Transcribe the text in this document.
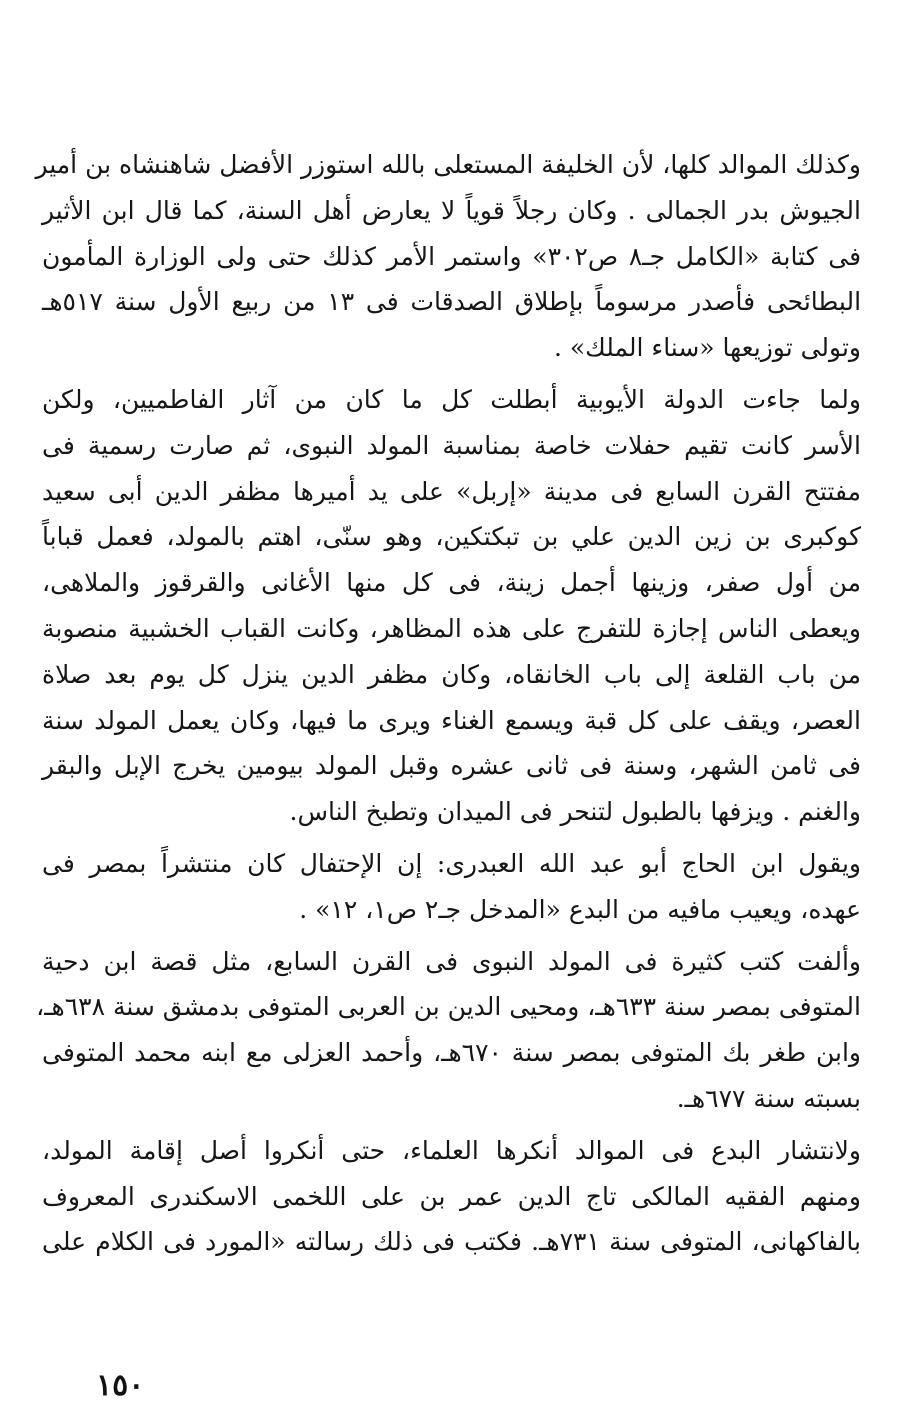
وكذلك الموالد كلها، لأن الخليفة المستعلى بالله استوزر الأفضل شاهنشاه بن أمير
الجيوش بدر الجمالى . وكان رجلاً قوياً لا يعارض أهل السنة، كما قال ابن الأثير
فى كتابة «الكامل جـ٨ ص٣٠٢» واستمر الأمر كذلك حتى ولى الوزارة المأمون
البطائحى فأصدر مرسوماً بإطلاق الصدقات فى ١٣ من ربيع الأول سنة ٥١٧هـ
وتولى توزيعها «سناء الملك» .
ولما جاءت الدولة الأيوبية أبطلت كل ما كان من آثار الفاطميين، ولكن
الأسر كانت تقيم حفلات خاصة بمناسبة المولد النبوى، ثم صارت رسمية فى
مفتتح القرن السابع فى مدينة «إربل» على يد أميرها مظفر الدين أبى سعيد
كوكبرى بن زين الدين علي بن تبكتكين، وهو سنّى، اهتم بالمولد، فعمل قباباً
من أول صفر، وزينها أجمل زينة، فى كل منها الأغانى والقرقوز والملاهى،
ويعطى الناس إجازة للتفرج على هذه المظاهر، وكانت القباب الخشبية منصوبة
من باب القلعة إلى باب الخانقاه، وكان مظفر الدين ينزل كل يوم بعد صلاة
العصر، ويقف على كل قبة ويسمع الغناء ويرى ما فيها، وكان يعمل المولد سنة
فى ثامن الشهر، وسنة فى ثانى عشره وقبل المولد بيومين يخرج الإبل والبقر
والغنم . ويزفها بالطبول لتنحر فى الميدان وتطبخ الناس.
ويقول ابن الحاج أبو عبد الله العبدرى: إن الإحتفال كان منتشراً بمصر فى
عهده، ويعيب مافيه من البدع «المدخل جـ٢ ص١، ١٢» .
وألفت كتب كثيرة فى المولد النبوى فى القرن السابع، مثل قصة ابن دحية
المتوفى بمصر سنة ٦٣٣هـ، ومحيى الدين بن العربى المتوفى بدمشق سنة ٦٣٨هـ،
وابن طغر بك المتوفى بمصر سنة ٦٧٠هـ، وأحمد العزلى مع ابنه محمد المتوفى
بسبته سنة ٦٧٧هـ.
ولانتشار البدع فى الموالد أنكرها العلماء، حتى أنكروا أصل إقامة المولد،
ومنهم الفقيه المالكى تاج الدين عمر بن على اللخمى الاسكندرى المعروف
بالفاكهانى، المتوفى سنة ٧٣١هـ. فكتب فى ذلك رسالته «المورد فى الكلام على
١٥٠
